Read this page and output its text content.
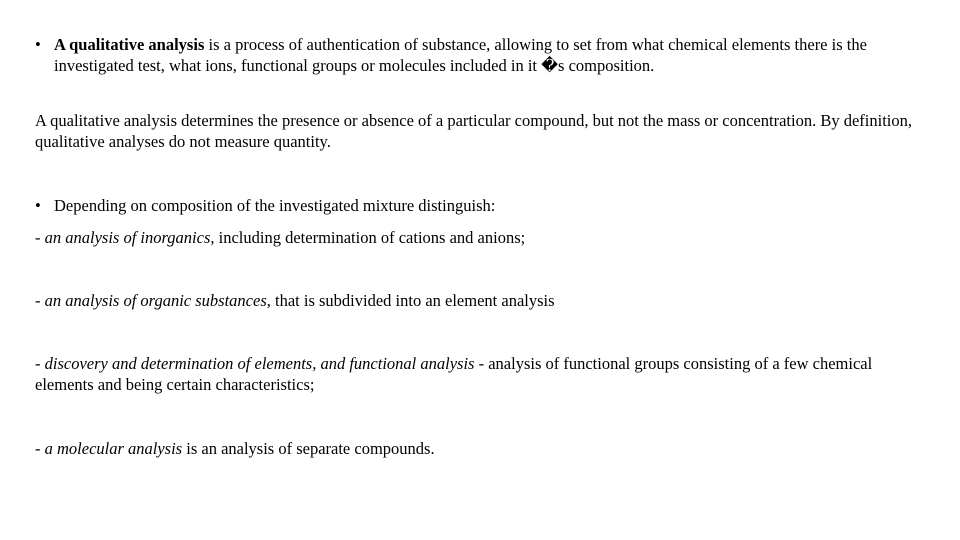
• A qualitative analysis is a process of authentication of substance, allowing to set from what chemical elements there is the investigated test, what ions, functional groups or molecules included in it �s composition.
A qualitative analysis determines the presence or absence of a particular compound, but not the mass or concentration. By definition, qualitative analyses do not measure quantity.
• Depending on composition of the investigated mixture distinguish:
- an analysis of inorganics, including determination of cations and anions;
- an analysis of organic substances, that is subdivided into an element analysis
- discovery and determination of elements, and functional analysis - analysis of functional groups consisting of a few chemical elements and being certain characteristics;
- a molecular analysis is an analysis of separate compounds.
